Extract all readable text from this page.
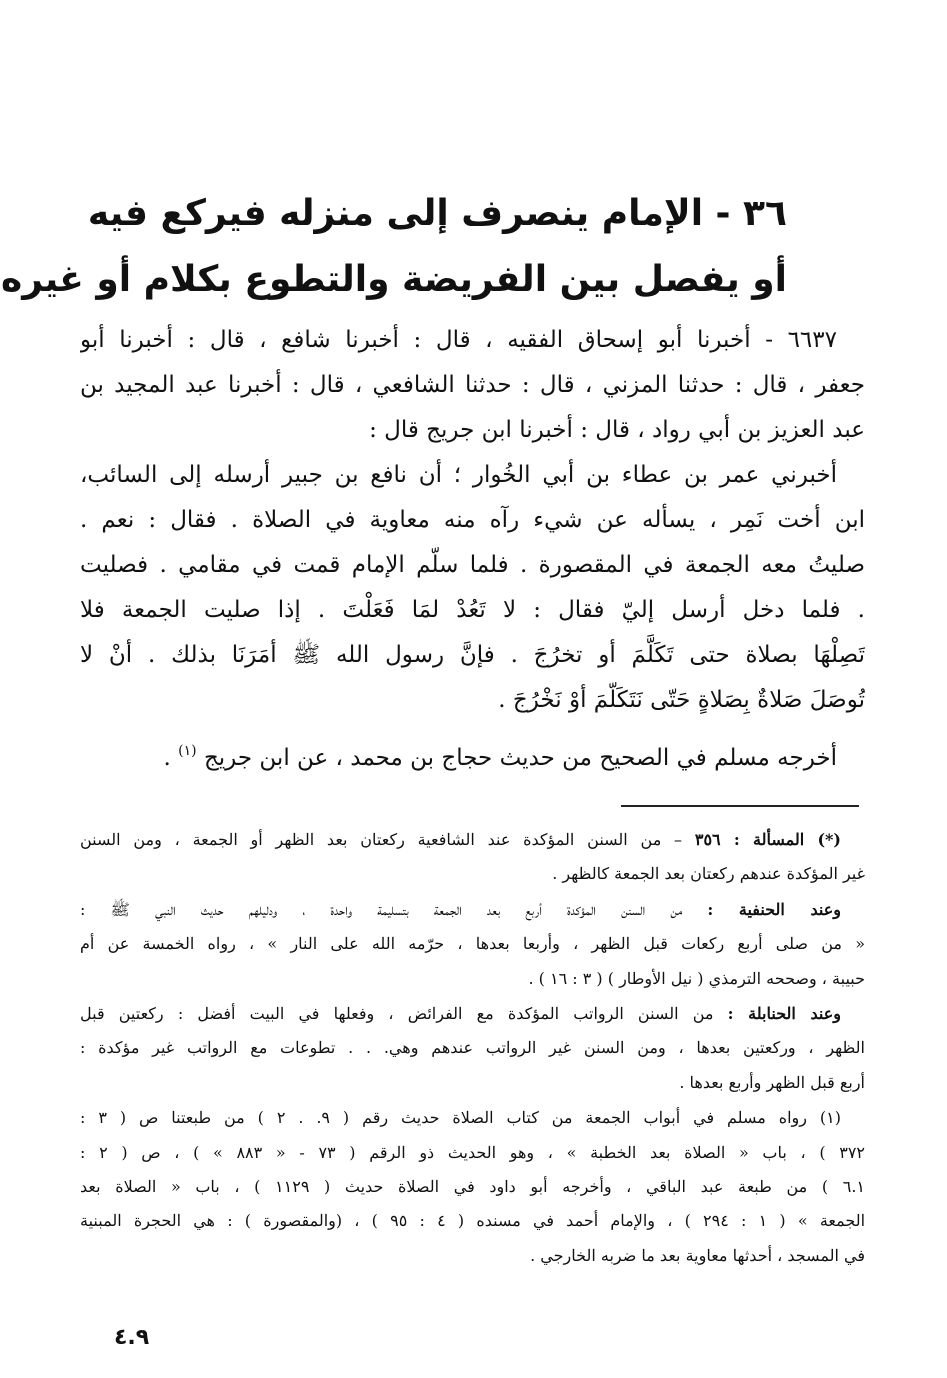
٣٦ - الإمام ينصرف إلى منزله فيركع فيه
أو يفصل بين الفريضة والتطوع بكلام أو غيره
٦٦٣٧ - أخبرنا أبو إسحاق الفقيه ، قال : أخبرنا شافع ، قال : أخبرنا أبو
جعفر ، قال : حدثنا المزني ، قال : حدثنا الشافعي ، قال : أخبرنا عبد المجيد بن
عبد العزيز بن أبي رواد ، قال : أخبرنا ابن جريج قال :
أخبرني عمر بن عطاء بن أبي الخُوار ؛ أن نافع بن جبير أرسله إلى السائب،
ابن أخت نَمِر ، يسأله عن شيء رآه منه معاوية في الصلاة . فقال : نعم .
صليتُ معه الجمعة في المقصورة . فلما سلّم الإمام قمت في مقامي . فصليت
. فلما دخل أرسل إليّ فقال : لا تَعُدْ لمَا فَعَلْتَ . إذا صليت الجمعة فلا
تَصِلْهَا بصلاة حتى تَكَلَّمَ أو تخرُجَ . فإنَّ رسول الله ﷺ أمَرَنَا بذلك . أنْ لا
تُوصَلَ صَلاةٌ بِصَلاةٍ حَتّى نَتَكَلّمَ أوْ نَخْرُجَ .

أخرجه مسلم في الصحيح من حديث حجاج بن محمد ، عن ابن جريج $^{(١)}$ .

(*) المسألة : ٣٥٦ – من السنن المؤكدة عند الشافعية ركعتان بعد الظهر أو الجمعة ، ومن السنن
غير المؤكدة عندهم ركعتان بعد الجمعة كالظهر .
وعند الحنفية : من السنن المؤكدة أربع بعد الجمعة بتسليمة واحدة ، ودليلهم حديث النبي ﷺ :
« من صلى أربع ركعات قبل الظهر ، وأربعا بعدها ، حرّمه الله على النار » ، رواه الخمسة عن أم
حبيبة ، وصححه الترمذي ( نيل الأوطار ) ( ٣ : ١٦ ) .
وعند الحنابلة : من السنن الرواتب المؤكدة مع الفرائض ، وفعلها في البيت أفضل : ركعتين قبل
الظهر ، وركعتين بعدها ، ومن السنن غير الرواتب عندهم وهي. . . تطوعات مع الرواتب غير مؤكدة :
أربع قبل الظهر وأربع بعدها .
(١) رواه مسلم في أبواب الجمعة من كتاب الصلاة حديث رقم ( ٩. . ٢ ) من طبعتنا ص ( ٣ :
٣٧٢ ) ، باب « الصلاة بعد الخطبة » ، وهو الحديث ذو الرقم ( ٧٣ - « ٨٨٣ » ) ، ص ( ٢ :
٦.١ ) من طبعة عبد الباقي ، وأخرجه أبو داود في الصلاة حديث ( ١١٢٩ ) ، باب « الصلاة بعد
الجمعة » ( ١ : ٢٩٤ ) ، والإمام أحمد في مسنده ( ٤ : ٩٥ ) ، (والمقصورة ) : هي الحجرة المبنية
في المسجد ، أحدثها معاوية بعد ما ضربه الخارجي .
٤.٩
